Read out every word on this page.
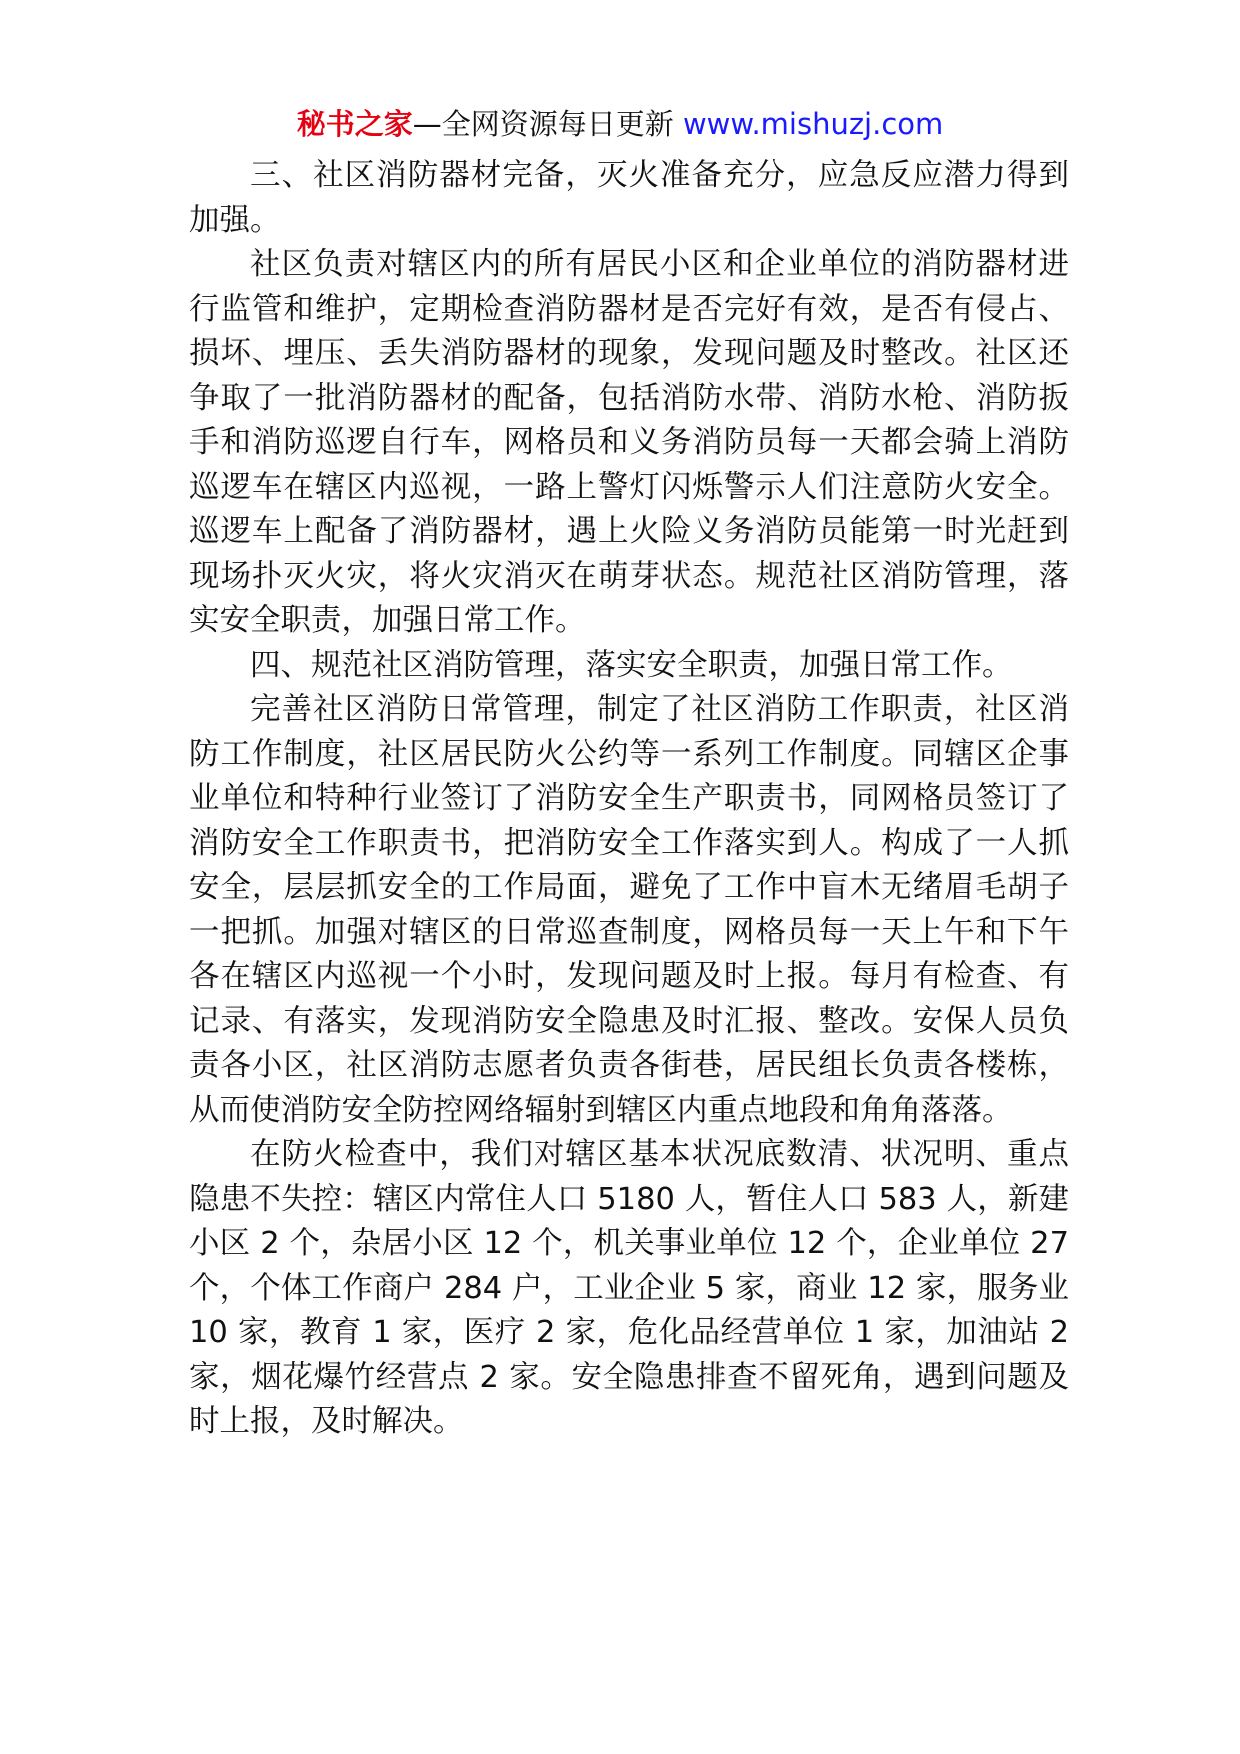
秘书之家—全网资源每日更新 www.mishuzj.com

三、社区消防器材完备，灭火准备充分，应急反应潜力得到加强。

社区负责对辖区内的所有居民小区和企业单位的消防器材进行监管和维护，定期检查消防器材是否完好有效，是否有侵占、损坏、埋压、丢失消防器材的现象，发现问题及时整改。社区还争取了一批消防器材的配备，包括消防水带、消防水枪、消防扳手和消防巡逻自行车，网格员和义务消防员每一天都会骑上消防巡逻车在辖区内巡视，一路上警灯闪烁警示人们注意防火安全。巡逻车上配备了消防器材，遇上火险义务消防员能第一时光赶到现场扑灭火灾，将火灾消灭在萌芽状态。规范社区消防管理，落实安全职责，加强日常工作。

四、规范社区消防管理，落实安全职责，加强日常工作。

完善社区消防日常管理，制定了社区消防工作职责，社区消防工作制度，社区居民防火公约等一系列工作制度。同辖区企事业单位和特种行业签订了消防安全生产职责书，同网格员签订了消防安全工作职责书，把消防安全工作落实到人。构成了一人抓安全，层层抓安全的工作局面，避免了工作中盲木无绪眉毛胡子一把抓。加强对辖区的日常巡查制度，网格员每一天上午和下午各在辖区内巡视一个小时，发现问题及时上报。每月有检查、有记录、有落实，发现消防安全隐患及时汇报、整改。安保人员负责各小区，社区消防志愿者负责各街巷，居民组长负责各楼栋，从而使消防安全防控网络辐射到辖区内重点地段和角角落落。

在防火检查中，我们对辖区基本状况底数清、状况明、重点隐患不失控：辖区内常住人口 5180 人，暂住人口 583 人，新建小区 2 个，杂居小区 12 个，机关事业单位 12 个，企业单位 27 个，个体工作商户 284 户，工业企业 5 家，商业 12 家，服务业 10 家，教育 1 家，医疗 2 家，危化品经营单位 1 家，加油站 2 家，烟花爆竹经营点 2 家。安全隐患排查不留死角，遇到问题及时上报，及时解决。
